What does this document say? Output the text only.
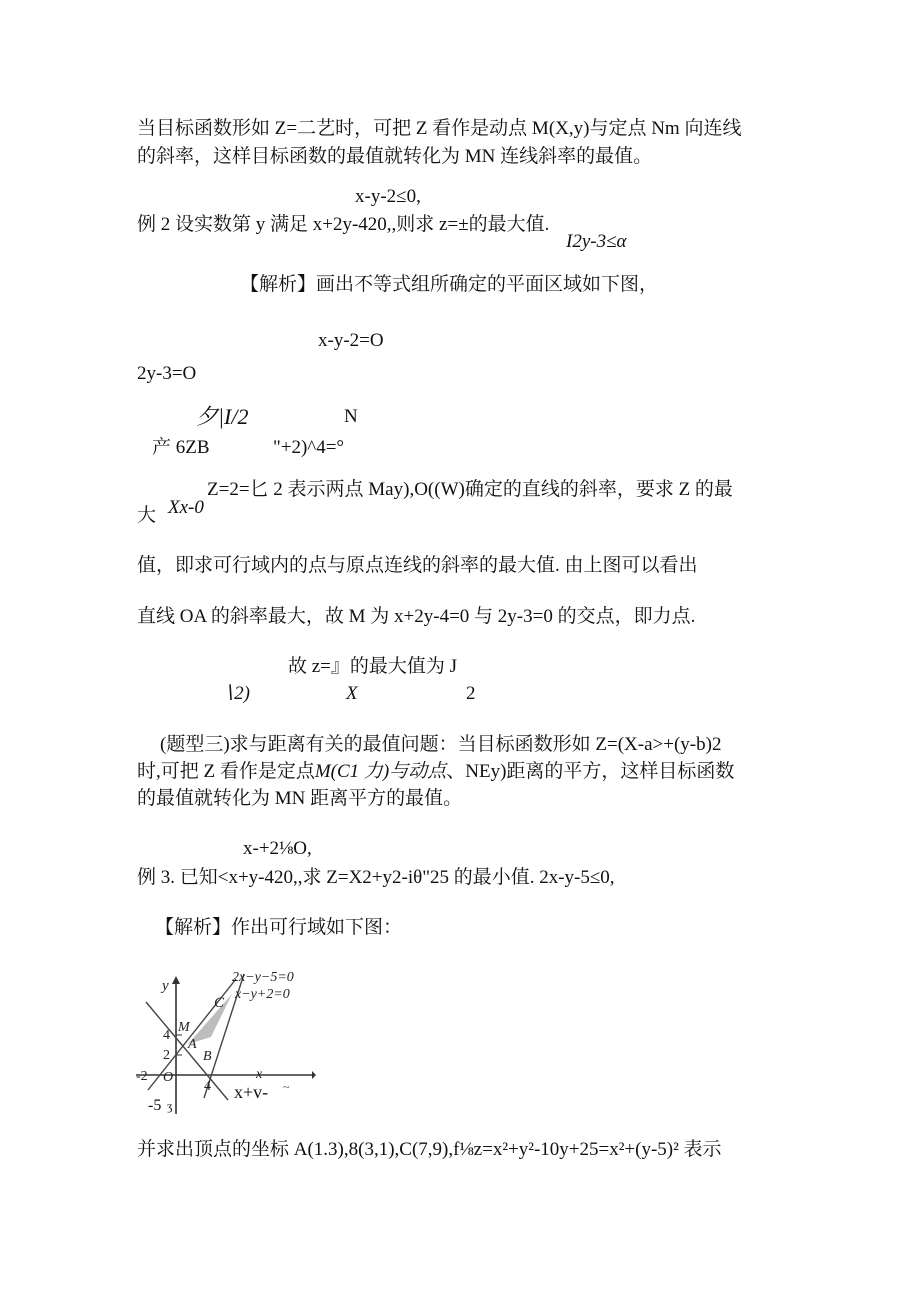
当目标函数形如 Z=二艺时，可把 Z 看作是动点 M(X,y)与定点 Nm 向连线
的斜率，这样目标函数的最值就转化为 MN 连线斜率的最值。
x-y-2≤0,
例 2 设实数第 y 满足 x+2y-420,,则求 z=±的最大值.
I2y-3≤α
【解析】画出不等式组所确定的平面区域如下图，
x-y-2=O
2y-3=O
夕|I/2	N
产 6ZB	"+2)^4=°
Z=2=匕 2 表示两点 May),O((W)确定的直线的斜率，要求 Z 的最
大 Xx-0
值，即求可行域内的点与原点连线的斜率的最大值. 由上图可以看出
直线 OA 的斜率最大，故 M 为 x+2y-4=0 与 2y-3=0 的交点，即力点.
故 z=』的最大值为 J
∖2)	X	2
(题型三)求与距离有关的最值问题：当目标函数形如 Z=(X-a>+(y-b)2
时,可把 Z 看作是定点M(C1 力)与动点、NEy)距离的平方，这样目标函数
的最值就转化为 MN 距离平方的最值。
x-+2⅛O,
例 3. 已知<x+y-420,,求 Z=X2+y2-iθ"25 的最小值. 2x-y-5≤0,
【解析】作出可行域如下图：
2x−y−5=0
x−y+2=0
C
y
M
4
A
2 B
x
-2 O
4 x+v- ~
-5 ʒ
并求出顶点的坐标 A(1.3),8(3,1),C(7,9),f⅛z=x²+y²-10y+25=x²+(y-5)² 表示
